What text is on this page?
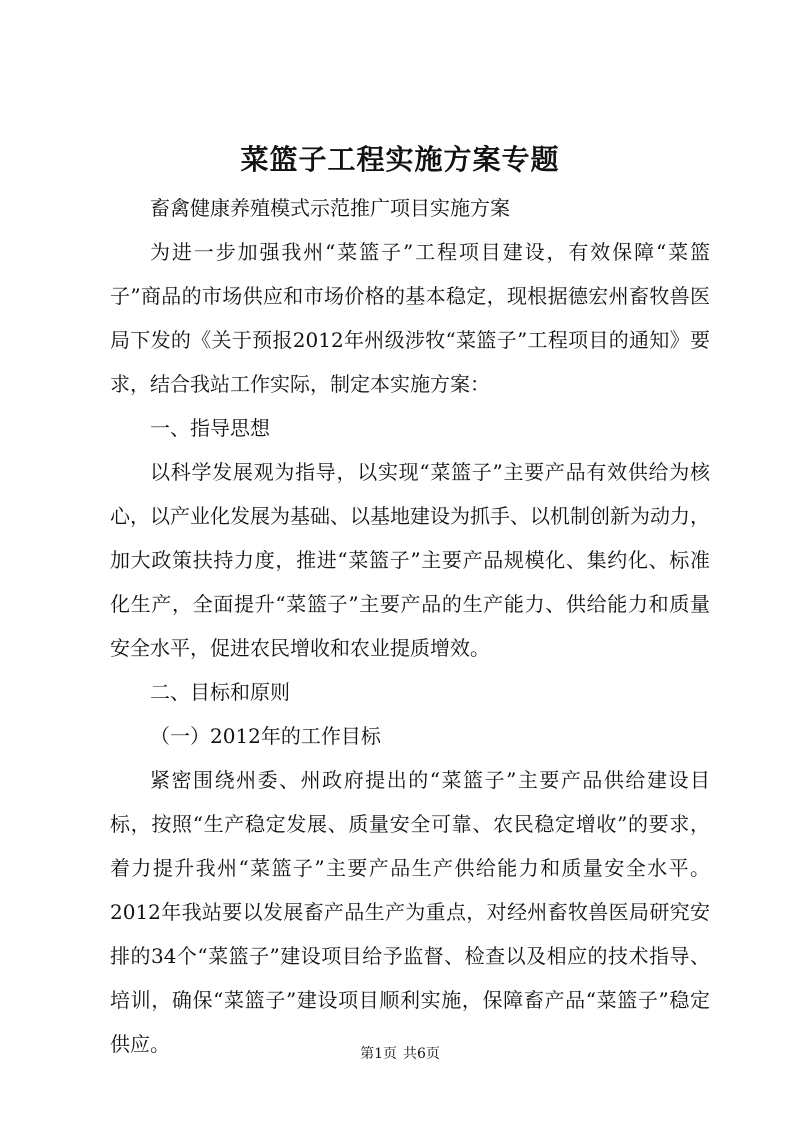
菜篮子工程实施方案专题

畜禽健康养殖模式示范推广项目实施方案

为进一步加强我州“菜篮子”工程项目建设，有效保障“菜篮子”商品的市场供应和市场价格的基本稳定，现根据德宏州畜牧兽医局下发的《关于预报2012年州级涉牧“菜篮子”工程项目的通知》要求，结合我站工作实际，制定本实施方案：

一、指导思想

以科学发展观为指导，以实现“菜篮子”主要产品有效供给为核心，以产业化发展为基础、以基地建设为抓手、以机制创新为动力，加大政策扶持力度，推进“菜篮子”主要产品规模化、集约化、标准化生产，全面提升“菜篮子”主要产品的生产能力、供给能力和质量安全水平，促进农民增收和农业提质增效。

二、目标和原则

（一）2012年的工作目标

紧密围绕州委、州政府提出的“菜篮子”主要产品供给建设目标，按照“生产稳定发展、质量安全可靠、农民稳定增收”的要求，着力提升我州“菜篮子”主要产品生产供给能力和质量安全水平。2012年我站要以发展畜产品生产为重点，对经州畜牧兽医局研究安排的34个“菜篮子”建设项目给予监督、检查以及相应的技术指导、培训，确保“菜篮子”建设项目顺利实施，保障畜产品“菜篮子”稳定供应。	第1页 共6页
